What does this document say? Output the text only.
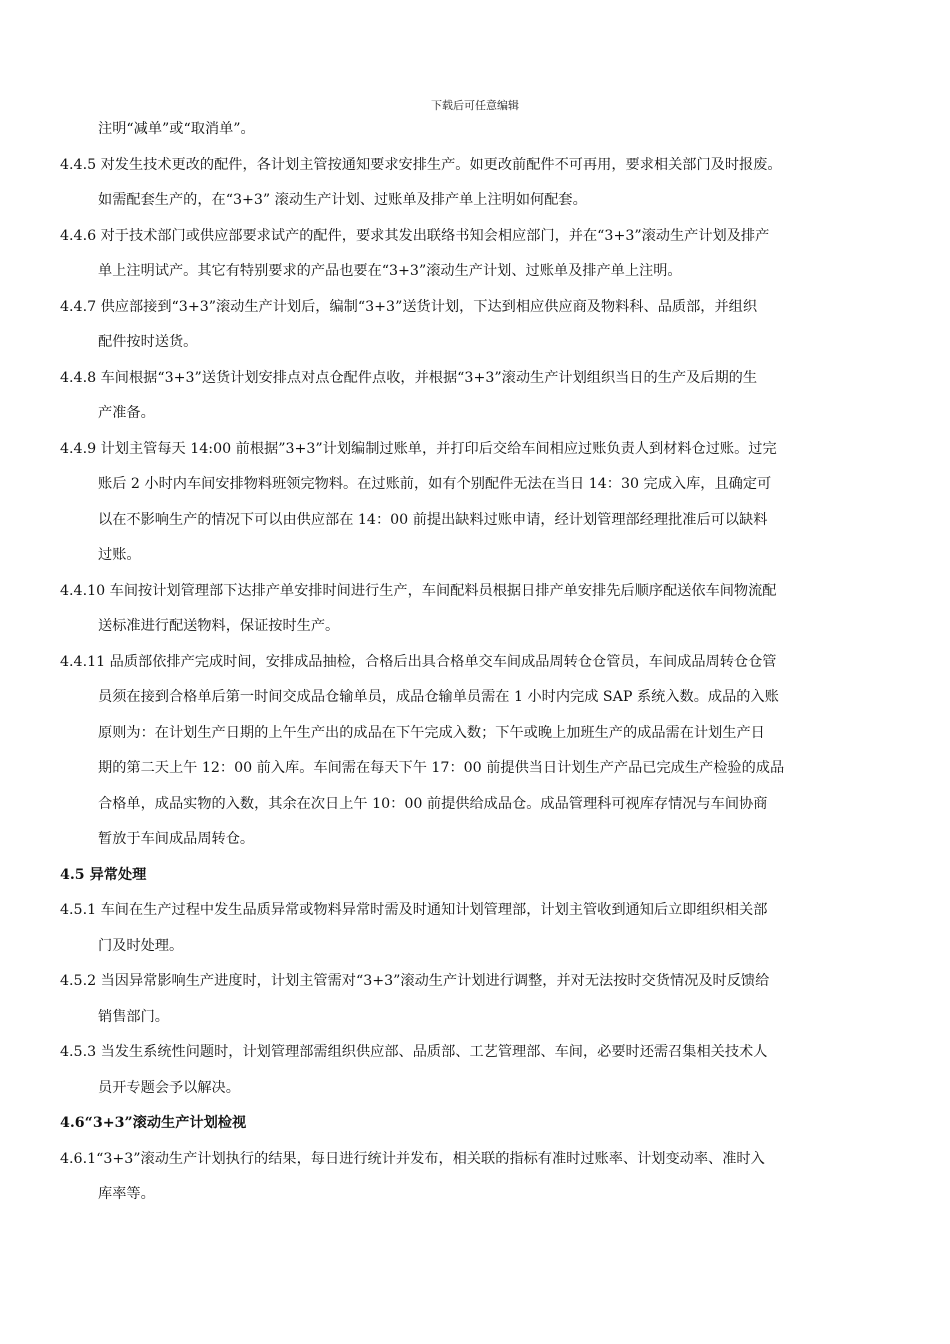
下载后可任意编辑
注明“减单”或“取消单”。
4.4.5 对发生技术更改的配件，各计划主管按通知要求安排生产。如更改前配件不可再用，要求相关部门及时报废。
如需配套生产的，在“3+3” 滚动生产计划、过账单及排产单上注明如何配套。
4.4.6 对于技术部门或供应部要求试产的配件，要求其发出联络书知会相应部门，并在“3+3”滚动生产计划及排产
单上注明试产。其它有特别要求的产品也要在“3+3”滚动生产计划、过账单及排产单上注明。
4.4.7 供应部接到“3+3”滚动生产计划后，编制“3+3”送货计划，下达到相应供应商及物料科、品质部，并组织
配件按时送货。
4.4.8 车间根据“3+3”送货计划安排点对点仓配件点收，并根据“3+3”滚动生产计划组织当日的生产及后期的生
产准备。
4.4.9 计划主管每天 14:00 前根据”3+3”计划编制过账单，并打印后交给车间相应过账负责人到材料仓过账。过完
账后 2 小时内车间安排物料班领完物料。在过账前，如有个别配件无法在当日 14：30 完成入库，且确定可
以在不影响生产的情况下可以由供应部在 14：00 前提出缺料过账申请，经计划管理部经理批准后可以缺料
过账。
4.4.10 车间按计划管理部下达排产单安排时间进行生产，车间配料员根据日排产单安排先后顺序配送依车间物流配
送标准进行配送物料，保证按时生产。
4.4.11 品质部依排产完成时间，安排成品抽检，合格后出具合格单交车间成品周转仓仓管员，车间成品周转仓仓管
员须在接到合格单后第一时间交成品仓输单员，成品仓输单员需在 1 小时内完成 SAP 系统入数。成品的入账
原则为：在计划生产日期的上午生产出的成品在下午完成入数；下午或晚上加班生产的成品需在计划生产日
期的第二天上午 12：00 前入库。车间需在每天下午 17：00 前提供当日计划生产产品已完成生产检验的成品
合格单，成品实物的入数，其余在次日上午 10：00 前提供给成品仓。成品管理科可视库存情况与车间协商
暂放于车间成品周转仓。
4.5 异常处理
4.5.1 车间在生产过程中发生品质异常或物料异常时需及时通知计划管理部，计划主管收到通知后立即组织相关部
门及时处理。
4.5.2 当因异常影响生产进度时，计划主管需对“3+3”滚动生产计划进行调整，并对无法按时交货情况及时反馈给
销售部门。
4.5.3 当发生系统性问题时，计划管理部需组织供应部、品质部、工艺管理部、车间，必要时还需召集相关技术人
员开专题会予以解决。
4.6“3+3”滚动生产计划检视
4.6.1“3+3”滚动生产计划执行的结果，每日进行统计并发布，相关联的指标有准时过账率、计划变动率、准时入
库率等。
